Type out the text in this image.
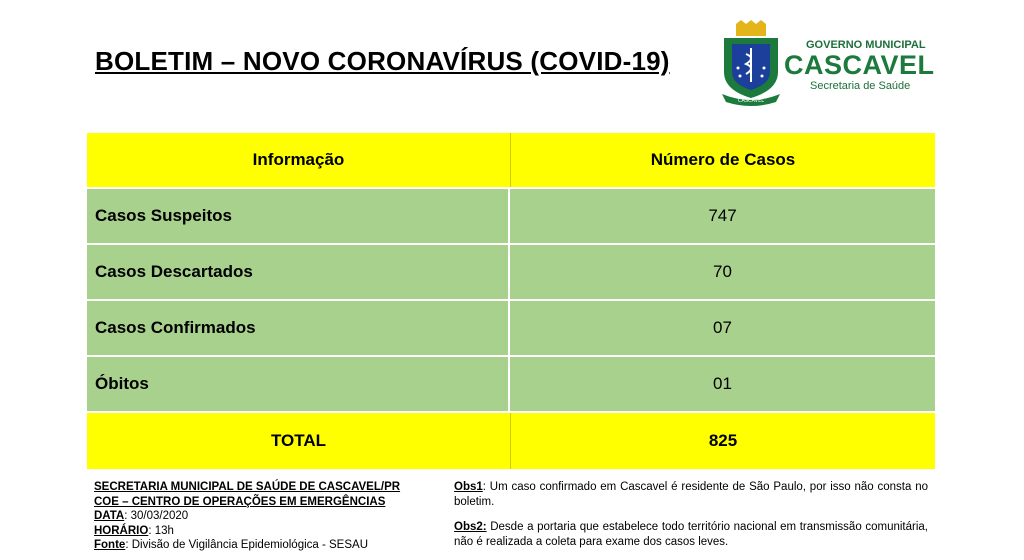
BOLETIM – NOVO CORONAVÍRUS (COVID-19)
CASCAVEL
GOVERNO MUNICIPAL
CASCAVEL
Secretaria de Saúde
Informação	Número de Casos
Casos Suspeitos	747
Casos Descartados	70
Casos Confirmados	07
Óbitos	01
TOTAL	825
SECRETARIA MUNICIPAL DE SAÚDE DE CASCAVEL/PR
COE – CENTRO DE OPERAÇÕES EM EMERGÊNCIAS
DATA: 30/03/2020
HORÁRIO: 13h
Fonte: Divisão de Vigilância Epidemiológica - SESAU

Obs1: Um caso confirmado em Cascavel é residente de São Paulo, por isso não consta no boletim.

Obs2: Desde a portaria que estabelece todo território nacional em transmissão comunitária, não é realizada a coleta para exame dos casos leves.
